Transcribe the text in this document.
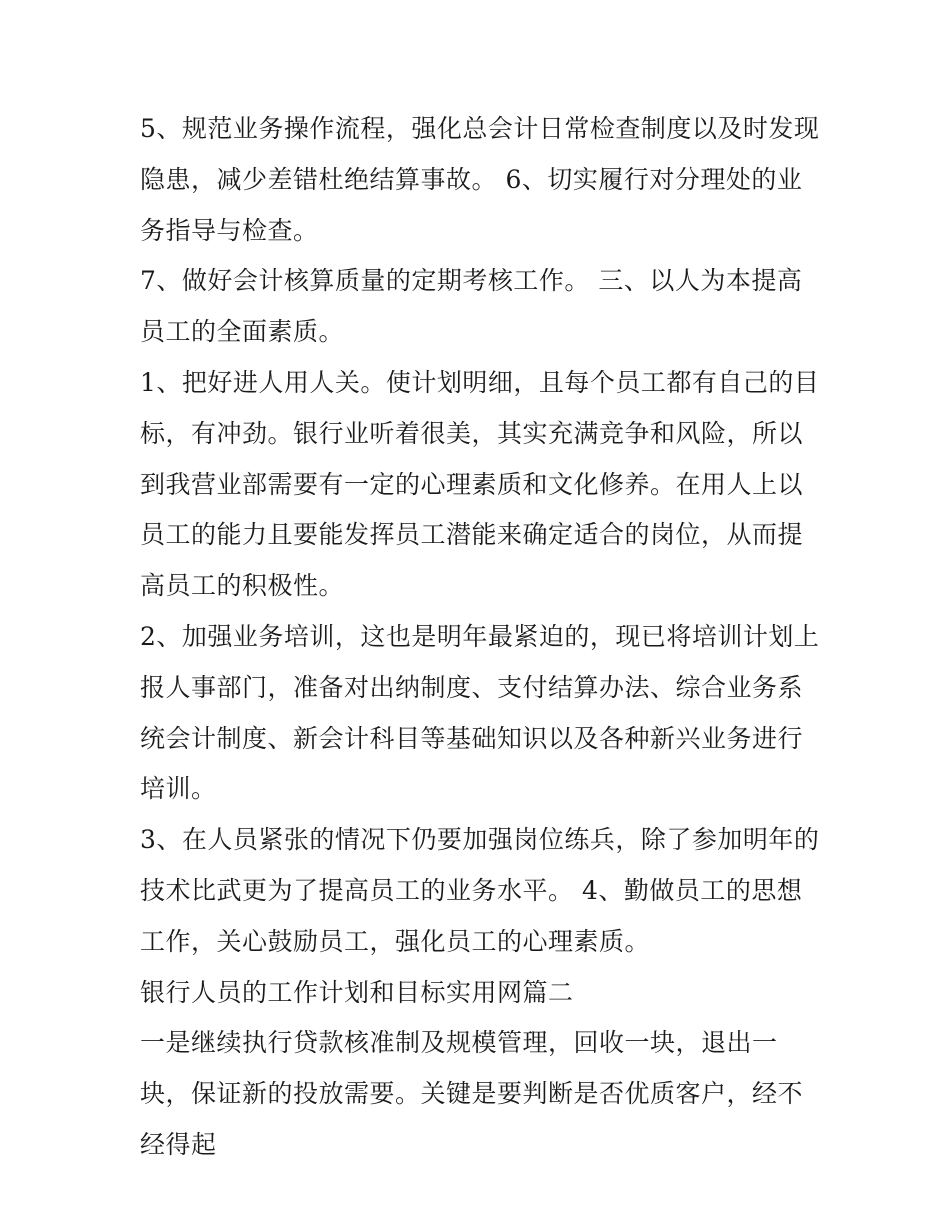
5、规范业务操作流程，强化总会计日常检查制度以及时发现隐患，减少差错杜绝结算事故。 6、切实履行对分理处的业务指导与检查。

7、做好会计核算质量的定期考核工作。 三、以人为本提高员工的全面素质。

1、把好进人用人关。使计划明细，且每个员工都有自己的目标，有冲劲。银行业听着很美，其实充满竞争和风险，所以到我营业部需要有一定的心理素质和文化修养。在用人上以员工的能力且要能发挥员工潜能来确定适合的岗位，从而提高员工的积极性。

2、加强业务培训，这也是明年最紧迫的，现已将培训计划上报人事部门，准备对出纳制度、支付结算办法、综合业务系统会计制度、新会计科目等基础知识以及各种新兴业务进行培训。

3、在人员紧张的情况下仍要加强岗位练兵，除了参加明年的技术比武更为了提高员工的业务水平。 4、勤做员工的思想工作，关心鼓励员工，强化员工的心理素质。

银行人员的工作计划和目标实用网篇二

一是继续执行贷款核准制及规模管理，回收一块，退出一块，保证新的投放需要。关键是要判断是否优质客户，经不经得起
